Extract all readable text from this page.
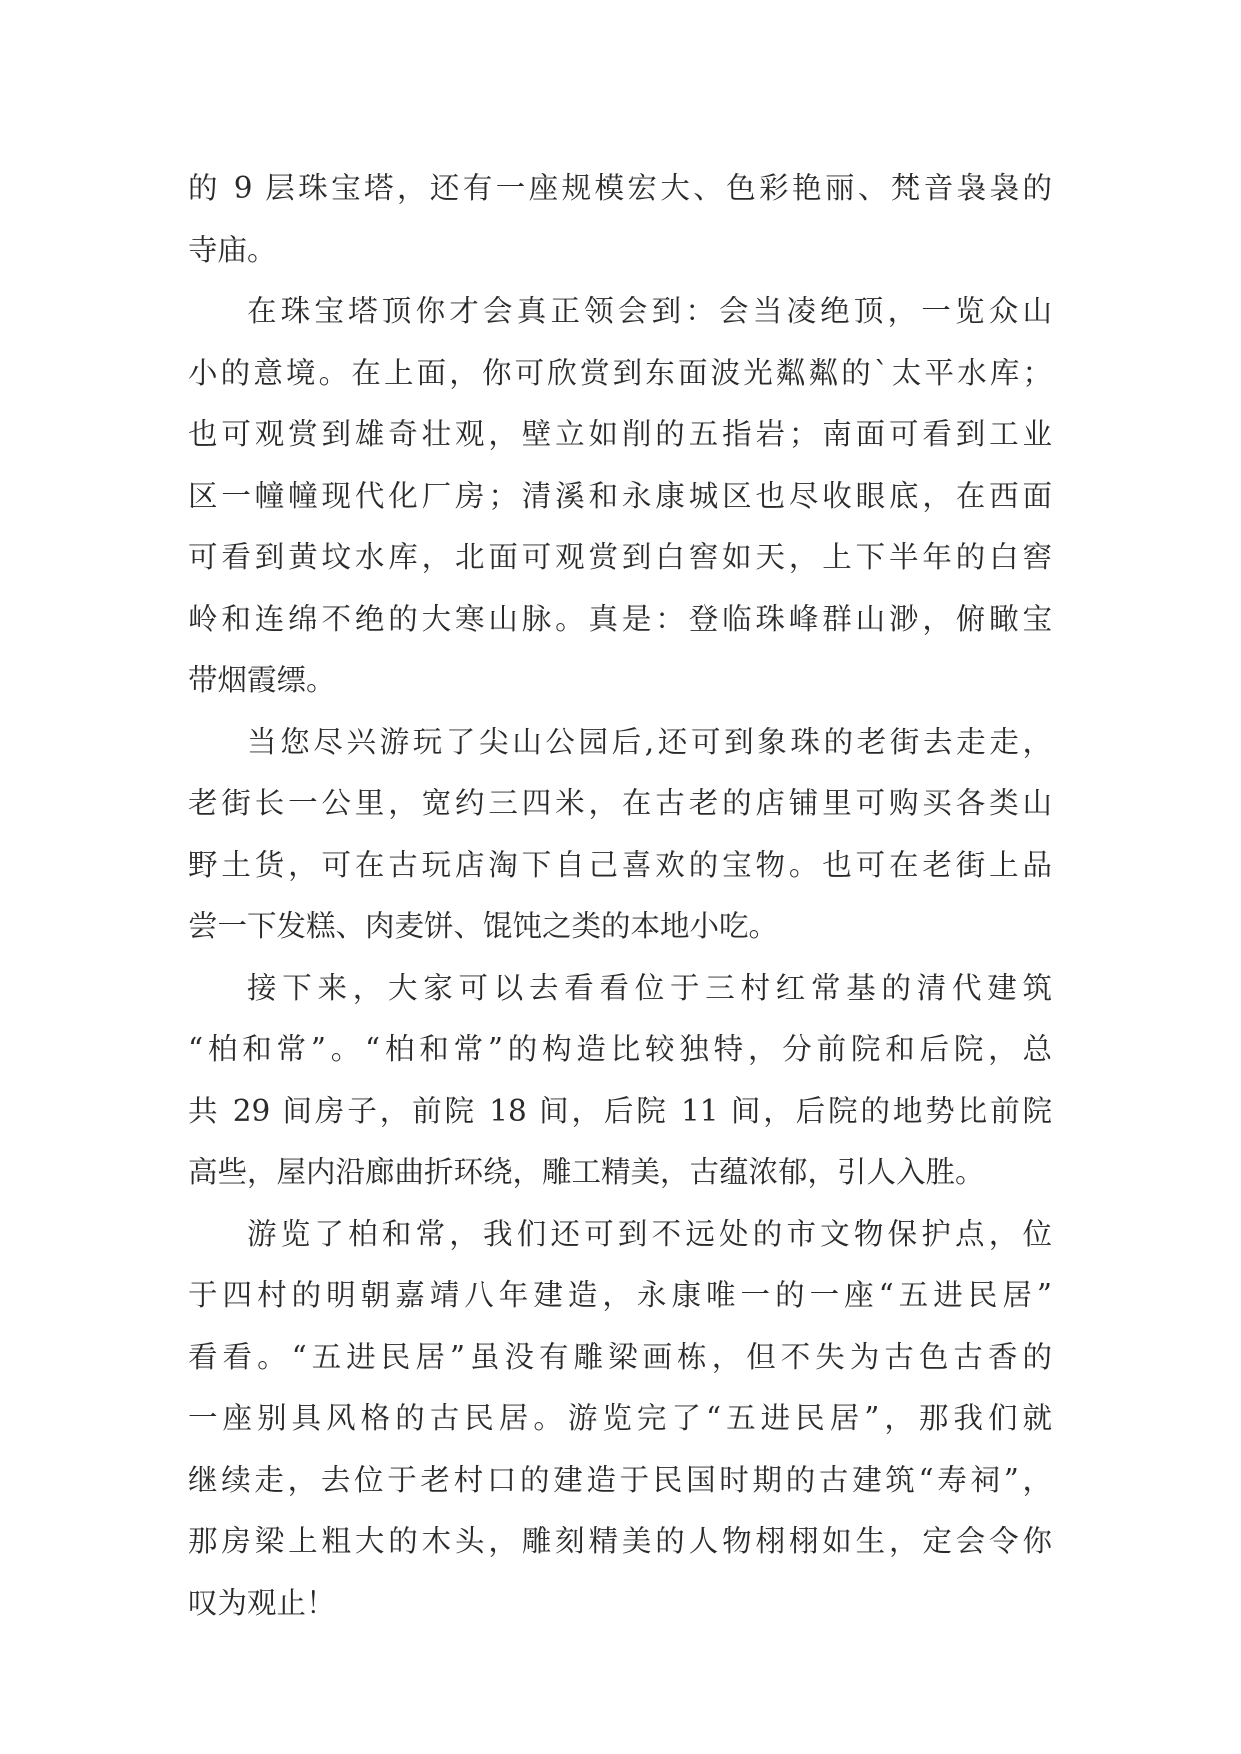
的 9 层珠宝塔，还有一座规模宏大、色彩艳丽、梵音袅袅的
寺庙。
在珠宝塔顶你才会真正领会到：会当凌绝顶，一览众山
小的意境。在上面，你可欣赏到东面波光粼粼的`太平水库；
也可观赏到雄奇壮观，壁立如削的五指岩；南面可看到工业
区一幢幢现代化厂房；清溪和永康城区也尽收眼底，在西面
可看到黄坟水库，北面可观赏到白窖如天，上下半年的白窖
岭和连绵不绝的大寒山脉。真是：登临珠峰群山渺，俯瞰宝
带烟霞缥。
当您尽兴游玩了尖山公园后,还可到象珠的老街去走走，
老街长一公里，宽约三四米，在古老的店铺里可购买各类山
野土货，可在古玩店淘下自己喜欢的宝物。也可在老街上品
尝一下发糕、肉麦饼、馄饨之类的本地小吃。
接下来，大家可以去看看位于三村红常基的清代建筑
“柏和常”。“柏和常”的构造比较独特，分前院和后院，总
共 29 间房子，前院 18 间，后院 11 间，后院的地势比前院
高些，屋内沿廊曲折环绕，雕工精美，古蕴浓郁，引人入胜。
游览了柏和常，我们还可到不远处的市文物保护点，位
于四村的明朝嘉靖八年建造，永康唯一的一座“五进民居”
看看。“五进民居”虽没有雕梁画栋，但不失为古色古香的
一座别具风格的古民居。游览完了“五进民居”，那我们就
继续走，去位于老村口的建造于民国时期的古建筑“寿祠”，
那房梁上粗大的木头，雕刻精美的人物栩栩如生，定会令你
叹为观止！
